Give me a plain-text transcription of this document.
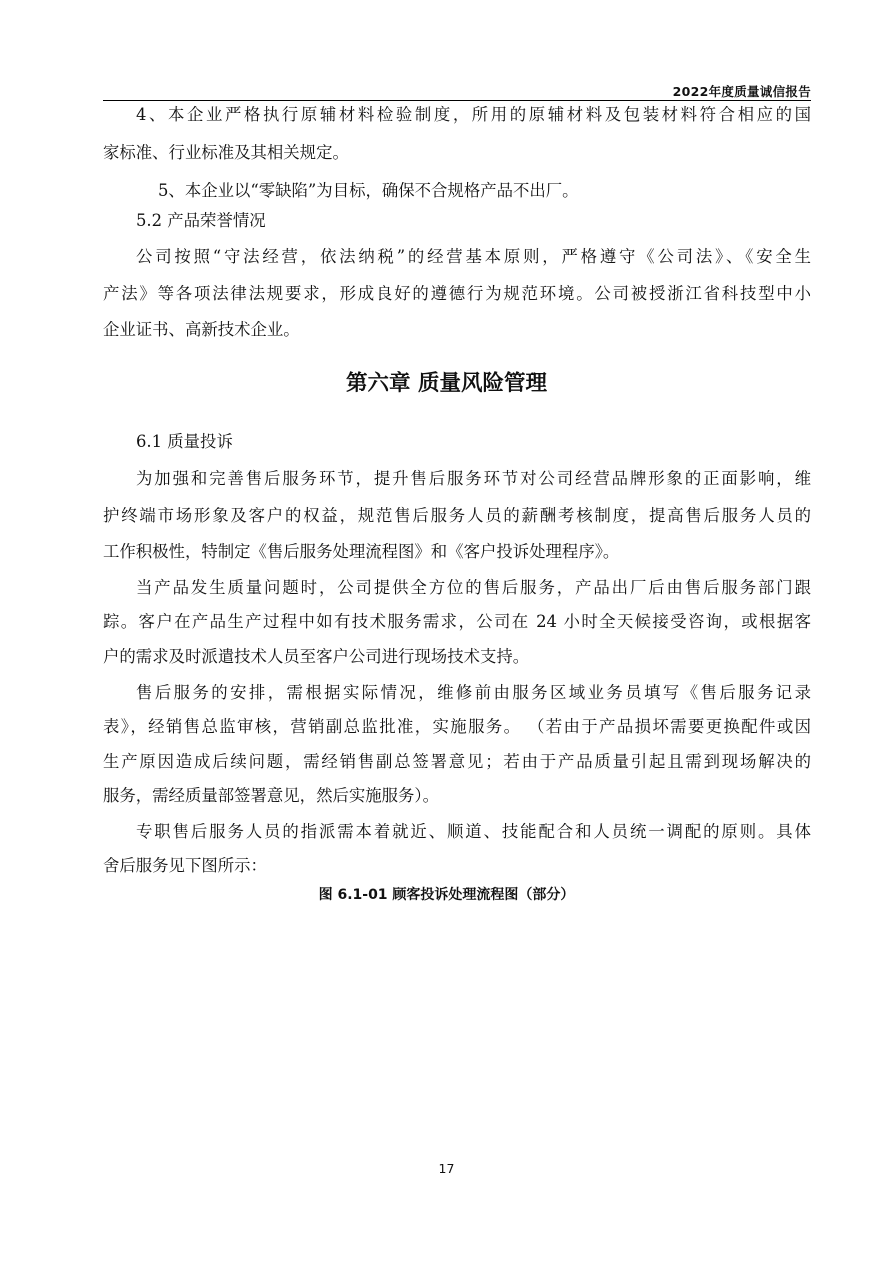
2022年度质量诚信报告
4、本企业严格执行原辅材料检验制度，所用的原辅材料及包装材料符合相应的国
家标准、行业标准及其相关规定。
5、本企业以“零缺陷”为目标，确保不合规格产品不出厂。
5.2 产品荣誉情况
公司按照“守法经营，依法纳税”的经营基本原则，严格遵守《公司法》、《安全生
产法》等各项法律法规要求，形成良好的遵德行为规范环境。公司被授浙江省科技型中小
企业证书、高新技术企业。
第六章 质量风险管理
6.1 质量投诉
为加强和完善售后服务环节，提升售后服务环节对公司经营品牌形象的正面影响，维
护终端市场形象及客户的权益，规范售后服务人员的薪酬考核制度，提高售后服务人员的
工作积极性，特制定《售后服务处理流程图》和《客户投诉处理程序》。
当产品发生质量问题时，公司提供全方位的售后服务，产品出厂后由售后服务部门跟
踪。客户在产品生产过程中如有技术服务需求，公司在 24 小时全天候接受咨询，或根据客
户的需求及时派遣技术人员至客户公司进行现场技术支持。
售后服务的安排，需根据实际情况，维修前由服务区域业务员填写《售后服务记录
表》，经销售总监审核，营销副总监批准，实施服务。 （若由于产品损坏需要更换配件或因
生产原因造成后续问题，需经销售副总签署意见；若由于产品质量引起且需到现场解决的
服务，需经质量部签署意见，然后实施服务）。
专职售后服务人员的指派需本着就近、顺道、技能配合和人员统一调配的原则。具体
舍后服务见下图所示：
图 6.1-01 顾客投诉处理流程图（部分）
17
